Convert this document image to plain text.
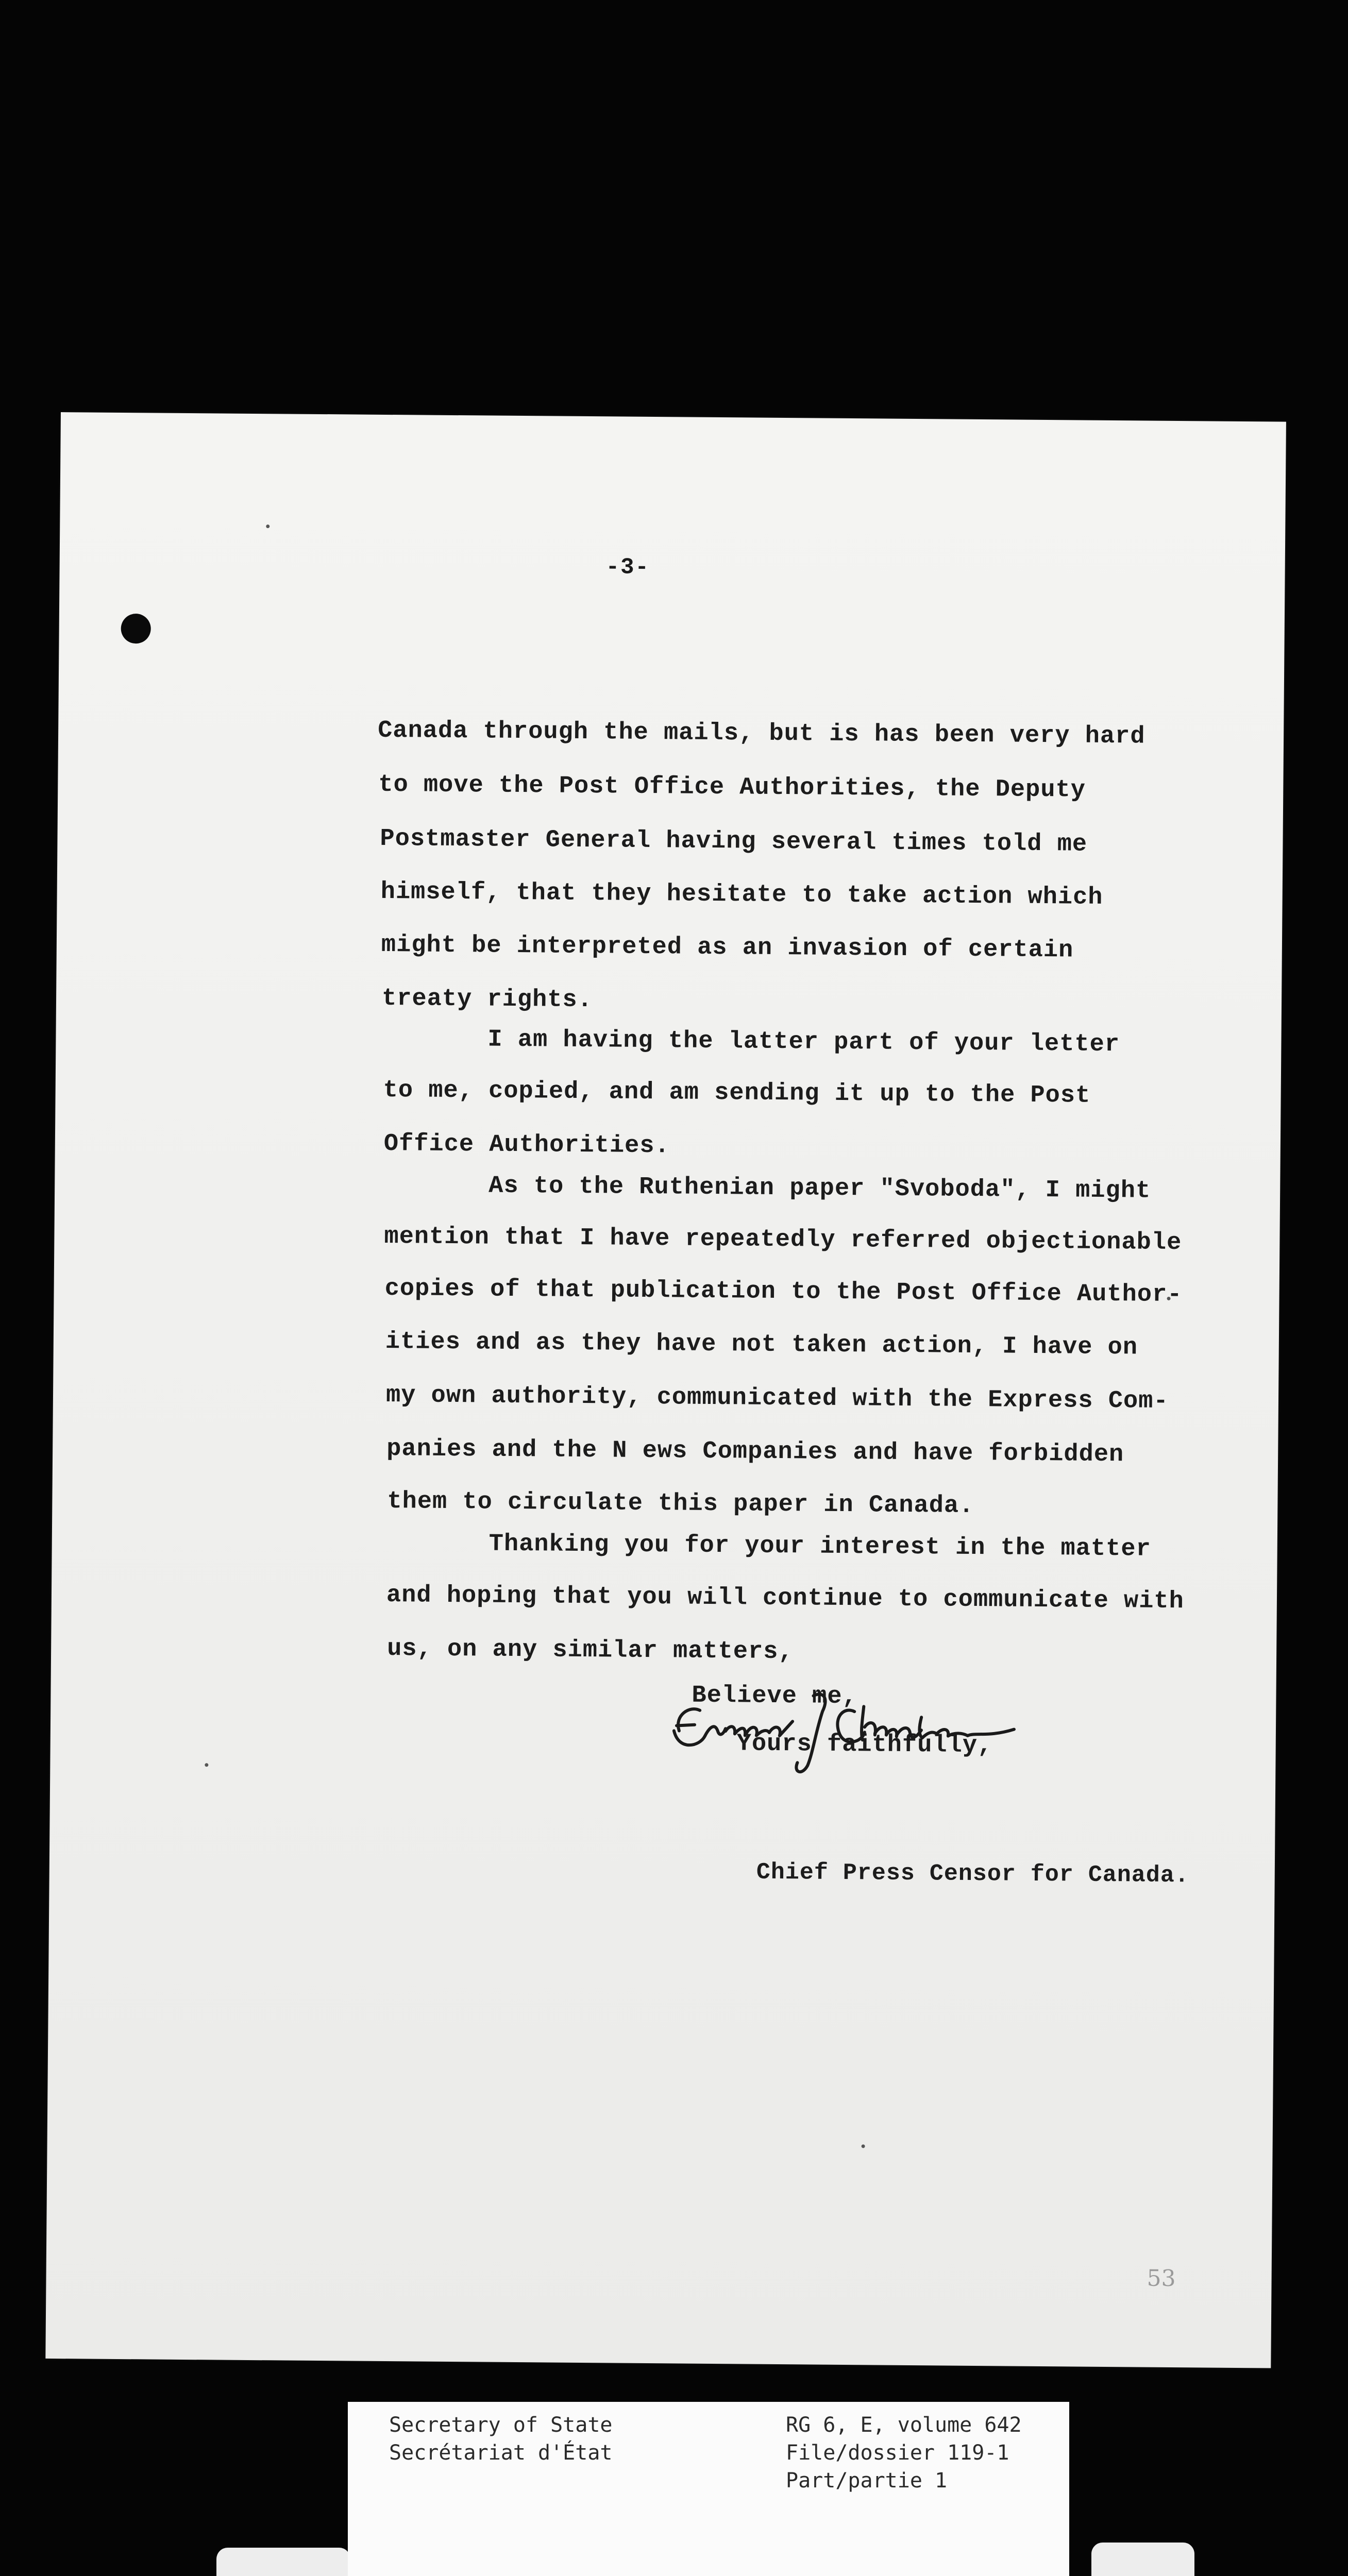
-3-
Canada through the mails, but is has been very hard
to move the Post Office Authorities, the Deputy
Postmaster General having several times told me
himself, that they hesitate to take action which
might be interpreted as an invasion of certain
treaty rights.
I am having the latter part of your letter
to me, copied, and am sending it up to the Post
Office Authorities.
As to the Ruthenian paper "Svoboda", I might
mention that I have repeatedly referred objectionable
copies of that publication to the Post Office Author-
ities and as they have not taken action, I have on
my own authority, communicated with the Express Com-
panies and the N ews Companies and have forbidden
them to circulate this paper in Canada.
Thanking you for your interest in the matter
and hoping that you will continue to communicate with
us, on any similar matters,
Believe me,
Yours faithfully,
Chief Press Censor for Canada.
53
Secretary of State
Secrétariat d'État
RG 6, E, volume 642
File/dossier 119-1
Part/partie 1
